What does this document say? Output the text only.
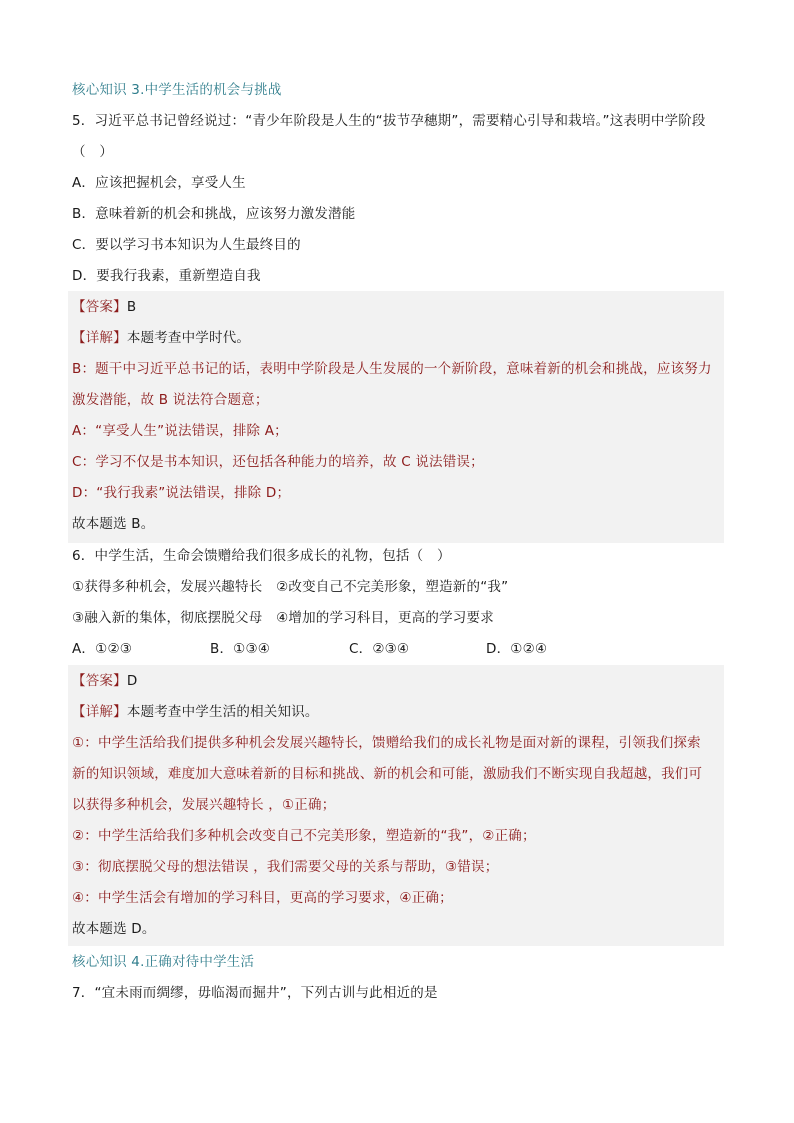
核心知识 3.中学生活的机会与挑战
5．习近平总书记曾经说过：“青少年阶段是人生的“拔节孕穗期”，需要精心引导和栽培。”这表明中学阶段
（　）
A．应该把握机会，享受人生
B．意味着新的机会和挑战，应该努力激发潜能
C．要以学习书本知识为人生最终目的
D．要我行我素，重新塑造自我
【答案】B
【详解】本题考查中学时代。
B：题干中习近平总书记的话，表明中学阶段是人生发展的一个新阶段，意味着新的机会和挑战，应该努力
激发潜能，故 B 说法符合题意；
A：“享受人生”说法错误，排除 A；
C：学习不仅是书本知识，还包括各种能力的培养，故 C 说法错误；
D：“我行我素”说法错误，排除 D；
故本题选 B。
6．中学生活，生命会馈赠给我们很多成长的礼物，包括（　）
①获得多种机会，发展兴趣特长　②改变自己不完美形象，塑造新的“我”
③融入新的集体，彻底摆脱父母　④增加的学习科目，更高的学习要求
A．①②③	B．①③④	C．②③④	D．①②④
【答案】D
【详解】本题考查中学生活的相关知识。
①：中学生活给我们提供多种机会发展兴趣特长，馈赠给我们的成长礼物是面对新的课程，引领我们探索
新的知识领域，难度加大意味着新的目标和挑战、新的机会和可能，激励我们不断实现自我超越，我们可
以获得多种机会，发展兴趣特长 ，①正确；
②：中学生活给我们多种机会改变自己不完美形象，塑造新的“我”，②正确；
③：彻底摆脱父母的想法错误 ，我们需要父母的关系与帮助，③错误；
④：中学生活会有增加的学习科目，更高的学习要求，④正确；
故本题选 D。
核心知识 4.正确对待中学生活
7．“宜未雨而绸缪，毋临渴而掘井”，下列古训与此相近的是
